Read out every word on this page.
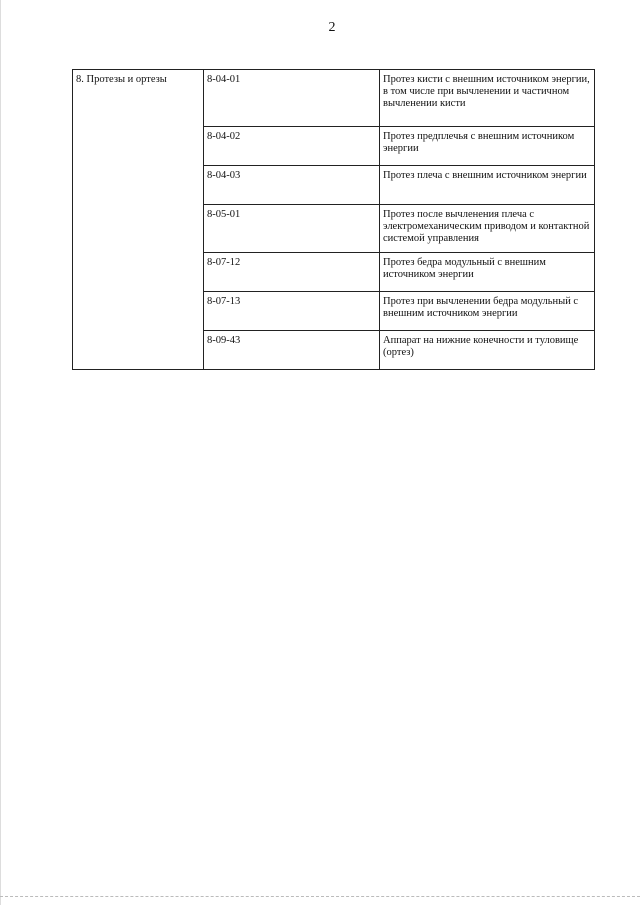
2
8. Протезы и ортезы	8-04-01	Протез кисти с внешним источником энергии, в том числе при вычленении и частичном вычленении кисти
	8-04-02	Протез предплечья с внешним источником энергии
	8-04-03	Протез плеча с внешним источником энергии
	8-05-01	Протез после вычленения плеча с электромеханическим приводом и контактной системой управления
	8-07-12	Протез бедра модульный с внешним источником энергии
	8-07-13	Протез при вычленении бедра модульный с внешним источником энергии
	8-09-43	Аппарат на нижние конечности и туловище (ортез)
